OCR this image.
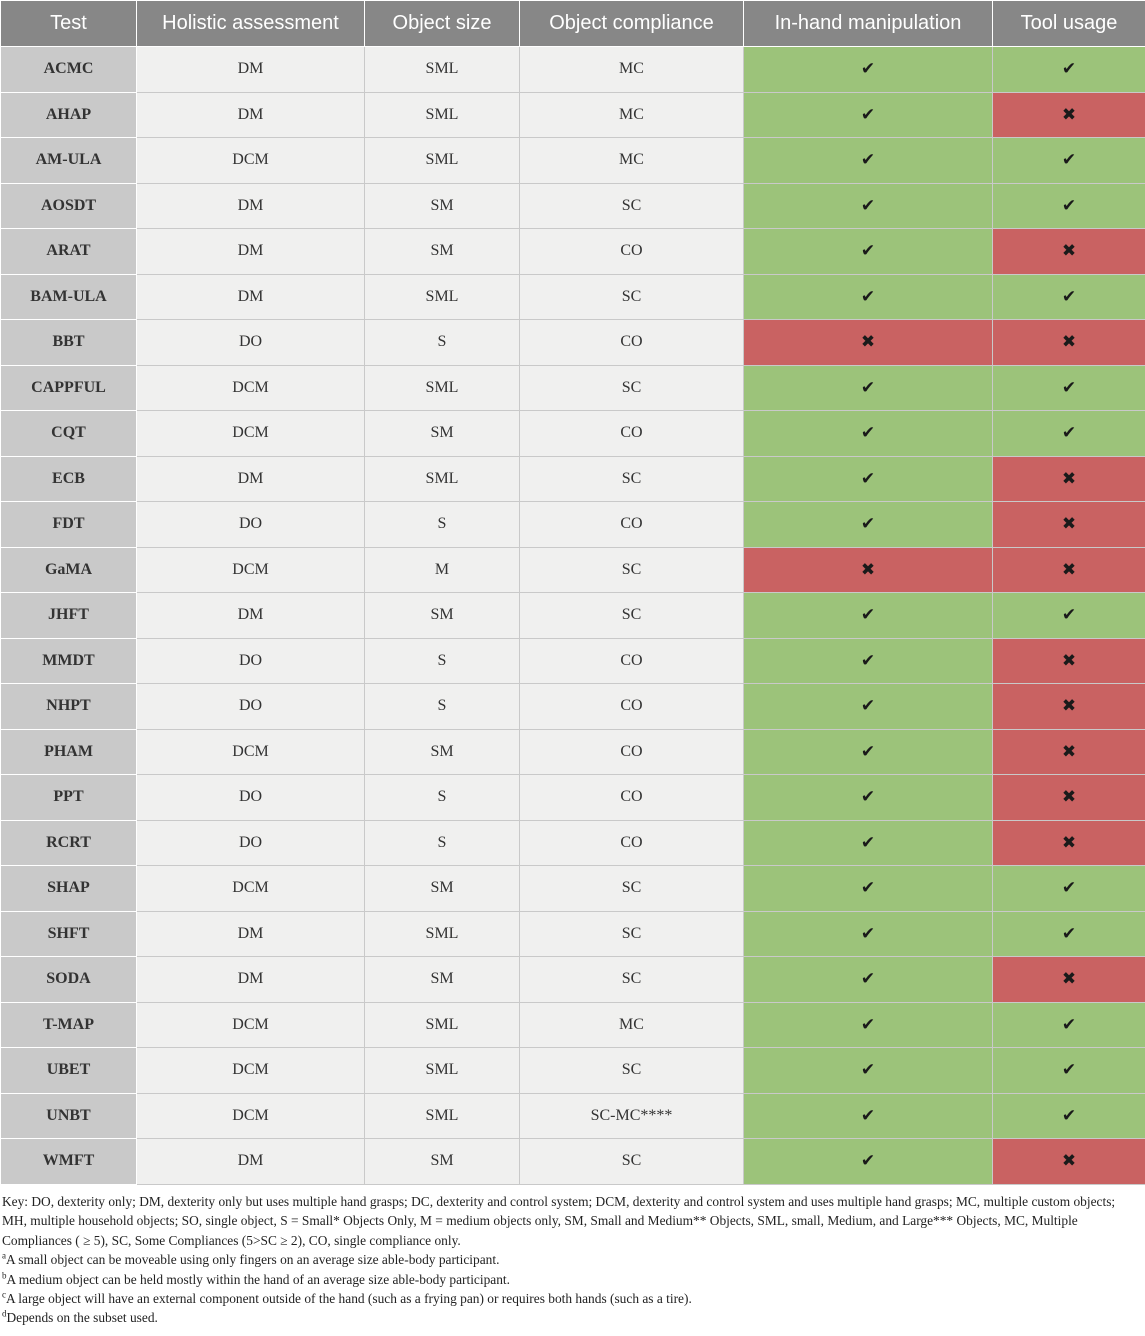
Test	Holistic assessment	Object size	Object compliance	In-hand manipulation	Tool usage
ACMC	DM	SML	MC	✔	✔
AHAP	DM	SML	MC	✔	✖
AM-ULA	DCM	SML	MC	✔	✔
AOSDT	DM	SM	SC	✔	✔
ARAT	DM	SM	CO	✔	✖
BAM-ULA	DM	SML	SC	✔	✔
BBT	DO	S	CO	✖	✖
CAPPFUL	DCM	SML	SC	✔	✔
CQT	DCM	SM	CO	✔	✔
ECB	DM	SML	SC	✔	✖
FDT	DO	S	CO	✔	✖
GaMA	DCM	M	SC	✖	✖
JHFT	DM	SM	SC	✔	✔
MMDT	DO	S	CO	✔	✖
NHPT	DO	S	CO	✔	✖
PHAM	DCM	SM	CO	✔	✖
PPT	DO	S	CO	✔	✖
RCRT	DO	S	CO	✔	✖
SHAP	DCM	SM	SC	✔	✔
SHFT	DM	SML	SC	✔	✔
SODA	DM	SM	SC	✔	✖
T-MAP	DCM	SML	MC	✔	✔
UBET	DCM	SML	SC	✔	✔
UNBT	DCM	SML	SC-MC****	✔	✔
WMFT	DM	SM	SC	✔	✖

Key: DO, dexterity only; DM, dexterity only but uses multiple hand grasps; DC, dexterity and control system; DCM, dexterity and control system and uses multiple hand grasps; MC, multiple custom objects; MH, multiple household objects; SO, single object, S = Small* Objects Only, M = medium objects only, SM, Small and Medium** Objects, SML, small, Medium, and Large*** Objects, MC, Multiple Compliances ( ≥ 5), SC, Some Compliances (5>SC ≥ 2), CO, single compliance only.

$^a$A small object can be moveable using only fingers on an average size able-body participant.

$^b$A medium object can be held mostly within the hand of an average size able-body participant.

$^c$A large object will have an external component outside of the hand (such as a frying pan) or requires both hands (such as a tire).

$^d$Depends on the subset used.
